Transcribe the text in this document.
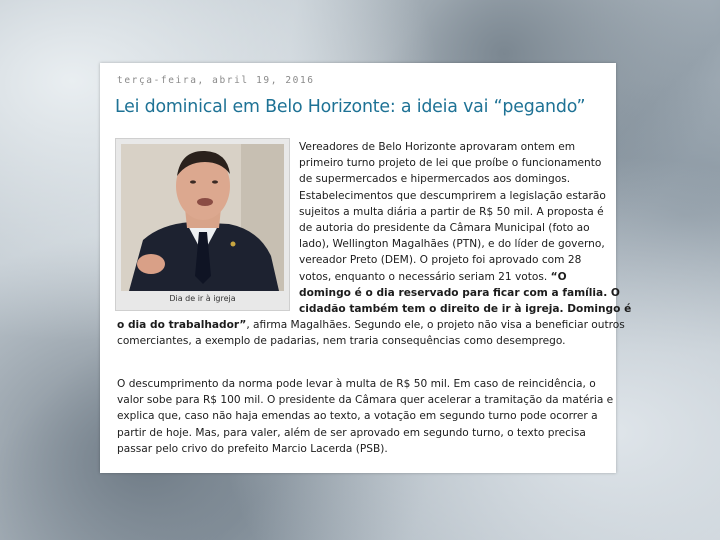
terça-feira, abril 19, 2016
Lei dominical em Belo Horizonte: a ideia vai “pegando”
Dia de ir à igreja
Vereadores de Belo Horizonte aprovaram ontem em
primeiro turno projeto de lei que proíbe o funcionamento
de supermercados e hipermercados aos domingos.
Estabelecimentos que descumprirem a legislação estarão
sujeitos a multa diária a partir de R$ 50 mil. A proposta é
de autoria do presidente da Câmara Municipal (foto ao
lado), Wellington Magalhães (PTN), e do líder de governo,
vereador Preto (DEM). O projeto foi aprovado com 28
votos, enquanto o necessário seriam 21 votos. “O
domingo é o dia reservado para ficar com a família. O
cidadão também tem o direito de ir à igreja. Domingo é
o dia do trabalhador”, afirma Magalhães. Segundo ele, o projeto não visa a beneficiar outros
comerciantes, a exemplo de padarias, nem traria consequências como desemprego.
O descumprimento da norma pode levar à multa de R$ 50 mil. Em caso de reincidência, o
valor sobe para R$ 100 mil. O presidente da Câmara quer acelerar a tramitação da matéria e
explica que, caso não haja emendas ao texto, a votação em segundo turno pode ocorrer a
partir de hoje. Mas, para valer, além de ser aprovado em segundo turno, o texto precisa
passar pelo crivo do prefeito Marcio Lacerda (PSB).
